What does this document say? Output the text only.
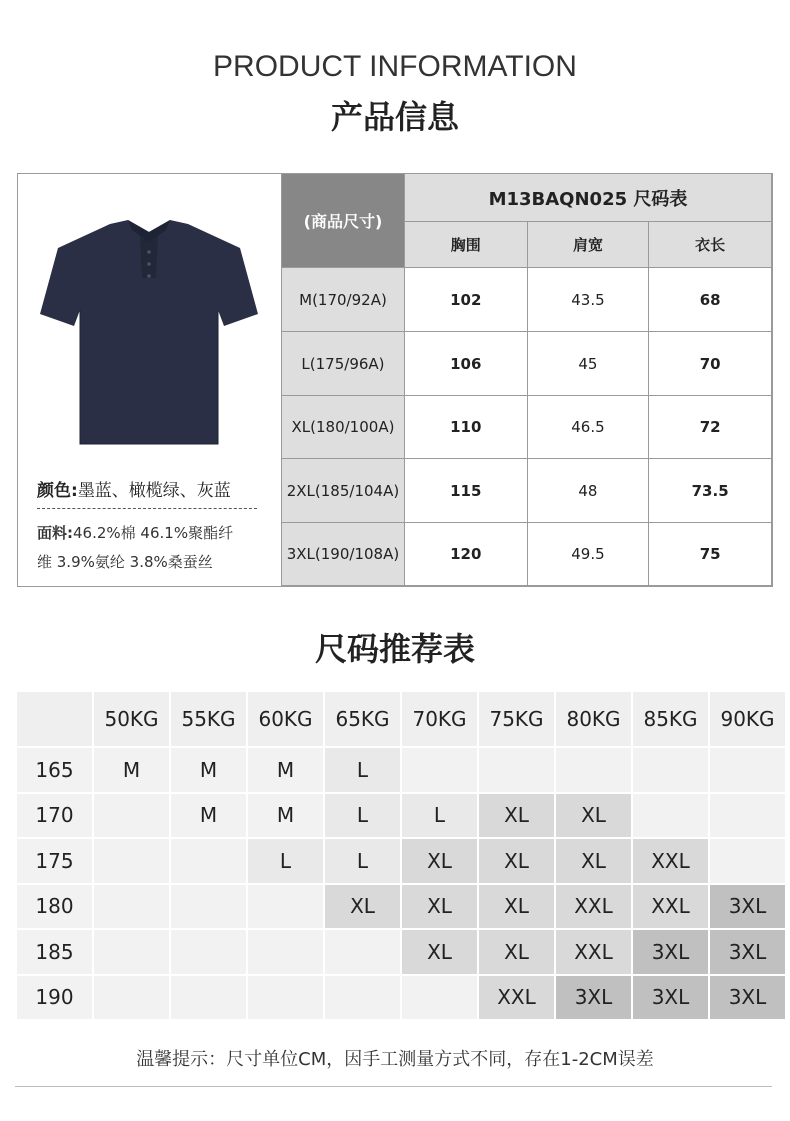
PRODUCT INFORMATION
产品信息
颜色:墨蓝、橄榄绿、灰蓝
面料:46.2%棉 46.1%聚酯纤
维 3.9%氨纶 3.8%桑蚕丝
(商品尺寸)	M13BAQN025 尺码表		
	胸围	肩宽	衣长
M(170/92A)	102	43.5	68
L(175/96A)	106	45	70
XL(180/100A)	110	46.5	72
2XL(185/104A)	115	48	73.5
3XL(190/108A)	120	49.5	75
尺码推荐表
	50KG	55KG	60KG	65KG	70KG	75KG	80KG	85KG	90KG
165	M	M	M	L					
170		M	M	L	L	XL	XL		
175			L	L	XL	XL	XL	XXL	
180				XL	XL	XL	XXL	XXL	3XL
185					XL	XL	XXL	3XL	3XL
190						XXL	3XL	3XL	3XL
温馨提示：尺寸单位CM，因手工测量方式不同，存在1-2CM误差
